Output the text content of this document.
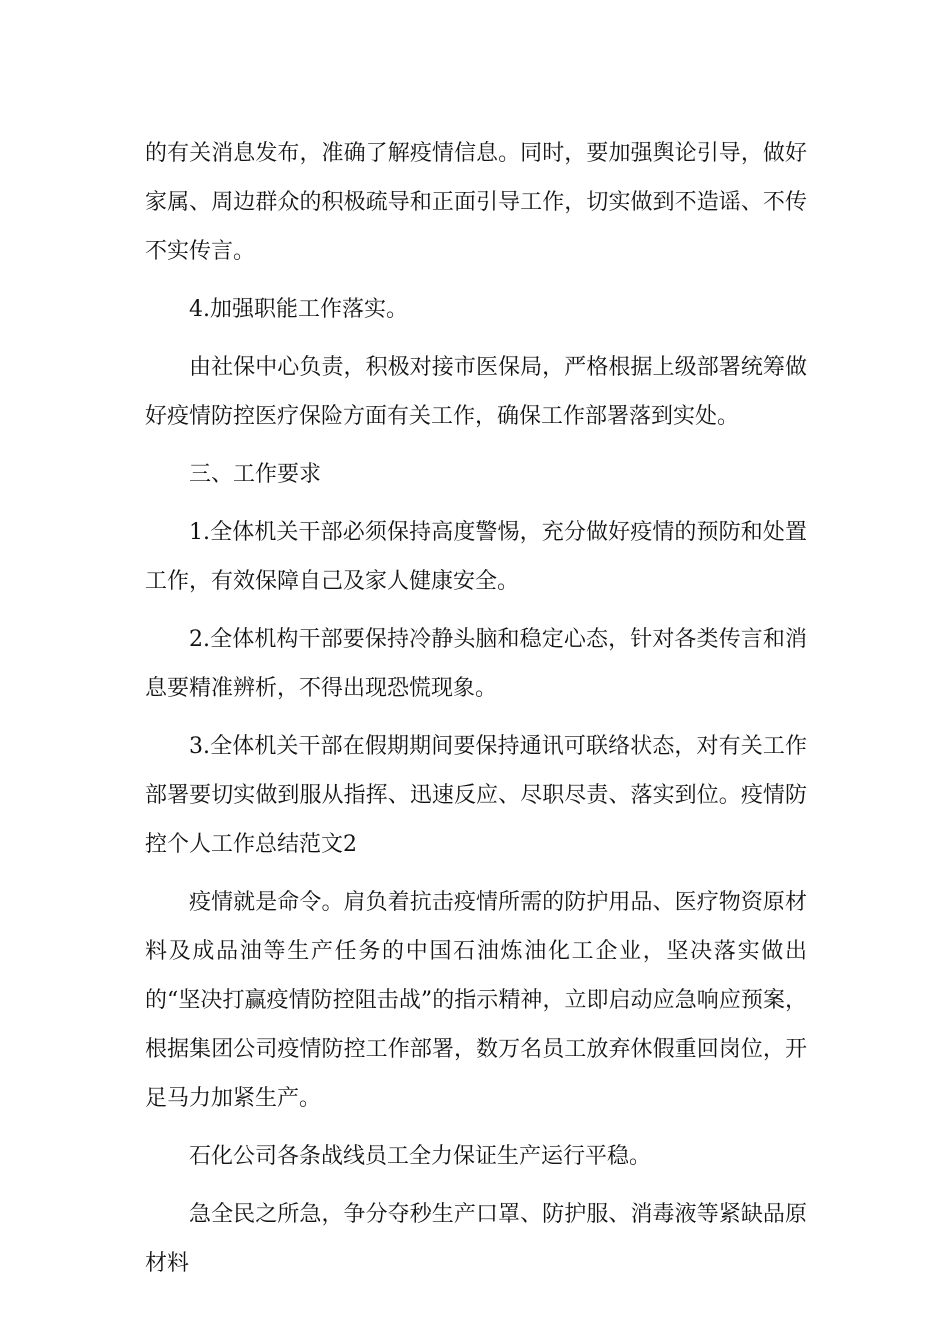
的有关消息发布，准确了解疫情信息。同时，要加强舆论引导，做好家属、周边群众的积极疏导和正面引导工作，切实做到不造谣、不传不实传言。

4.加强职能工作落实。

由社保中心负责，积极对接市医保局，严格根据上级部署统筹做好疫情防控医疗保险方面有关工作，确保工作部署落到实处。

三、工作要求

1.全体机关干部必须保持高度警惕，充分做好疫情的预防和处置工作，有效保障自己及家人健康安全。

2.全体机构干部要保持冷静头脑和稳定心态，针对各类传言和消息要精准辨析，不得出现恐慌现象。

3.全体机关干部在假期期间要保持通讯可联络状态，对有关工作部署要切实做到服从指挥、迅速反应、尽职尽责、落实到位。疫情防控个人工作总结范文2

疫情就是命令。肩负着抗击疫情所需的防护用品、医疗物资原材料及成品油等生产任务的中国石油炼油化工企业，坚决落实做出的“坚决打赢疫情防控阻击战”的指示精神，立即启动应急响应预案，根据集团公司疫情防控工作部署，数万名员工放弃休假重回岗位，开足马力加紧生产。

石化公司各条战线员工全力保证生产运行平稳。

急全民之所急，争分夺秒生产口罩、防护服、消毒液等紧缺品原材料
